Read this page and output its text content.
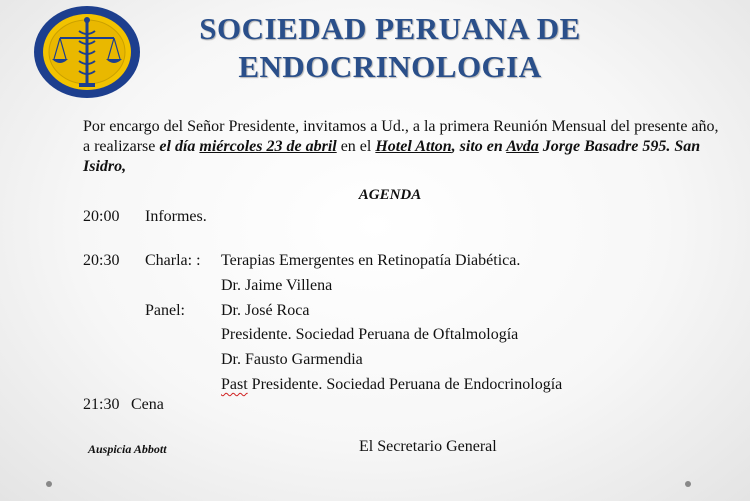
SOCIEDAD PERUANA DE
ENDOCRINOLOGIA
Por encargo del Señor Presidente, invitamos a Ud., a la primera Reunión Mensual del presente año, a realizarse el día miércoles 23 de abril en el Hotel Atton, sito en Avda Jorge Basadre 595. San Isidro,
AGENDA
20:00 Informes.
20:30 Charla: : Terapias Emergentes en Retinopatía Diabética.
Dr. Jaime Villena
Panel: Dr. José Roca
Presidente. Sociedad Peruana de Oftalmología
Dr. Fausto Garmendia
Past Presidente. Sociedad Peruana de Endocrinología
21:30 Cena
Auspicia Abbott	El Secretario General
